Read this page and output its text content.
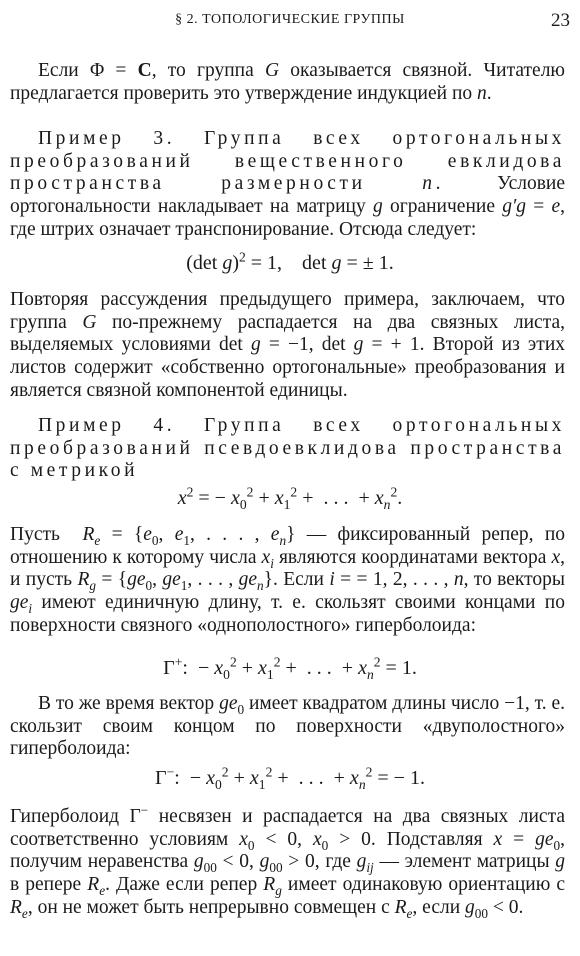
§ 2. ТОПОЛОГИЧЕСКИЕ ГРУППЫ	23

Если Φ = C, то группа G оказывается связной. Читателю предлагается проверить это утверждение индукцией по n.

Пример 3. Группа всех ортогональных преобразований вещественного евклидова пространства размерности n.	Условие ортогональности накладывает на матрицу g ограничение g′g = e, где штрих означает транспонирование. Отсюда следует:

(det g)$^2$ = 1,    det g = ± 1.

Повторяя рассуждения предыдущего примера, заключаем, что группа G по-прежнему распадается на два связных листа, выделяемых условиями det g = −1, det g = + 1. Второй из этих листов содержит «собственно ортогональные» преобразования и является связной компонентой единицы.

Пример 4. Группа всех ортогональных преобразований псевдоевклидова пространства с метрикой

$x^2$ = − $x_0^2 + x_1^2$ +  . . .  + $x_n^2$.

Пусть  $R_e = \{e_0$, $e_1$, . . . , $e_n$} — фиксированный репер, по отношению к которому числа $x_i$ являются координатами вектора x, и пусть $R_g = \{ge_0$, $ge_1$, . . . , $ge_n$}. Если i = = 1, 2, . . . , n, то векторы $ge_i$ имеют единичную длину, т. е. скользят своими концами по поверхности связного «однополостного» гиперболоида:

Γ+:  − $x_0^2 + x_1^2$ +  . . .  + $x_n^2 = 1$.

В то же время вектор $ge_0$ имеет квадратом длины число −1, т. е. скользит своим концом по поверхности «двуполостного» гиперболоида:

Γ−:  − $x_0^2 + x_1^2$ +  . . .  + $x_n^2$ = − 1.

Гиперболоид Γ− несвязен и распадается на два связных листа соответственно условиям $x_0 < 0$, $x_0 > 0$. Подставляя $x = ge_0$, получим неравенства $g_{00} < 0$, $g_{00} > 0$, где $g_{ij}$ — элемент матрицы g в репере $R_e$. Даже если репер $R_g$ имеет одинаковую ориентацию с $R_e$, он не может быть непрерывно совмещен с $R_e$, если $g_{00} < 0$.
